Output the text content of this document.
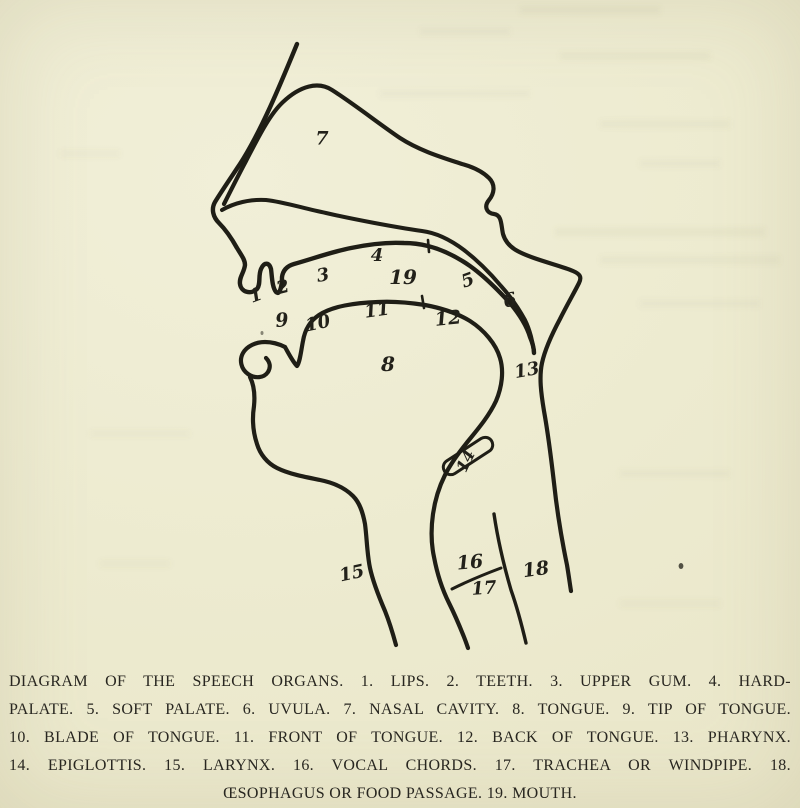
1 2
3
4
5
6
7
8
9 10
11 12
13
14
15	16
17
18
19
DIAGRAM OF THE SPEECH ORGANS. 1. LIPS. 2. TEETH. 3. UPPER GUM. 4. HARD-
PALATE. 5. SOFT PALATE. 6. UVULA. 7. NASAL CAVITY. 8. TONGUE. 9. TIP OF TONGUE.
10. BLADE OF TONGUE. 11. FRONT OF TONGUE. 12. BACK OF TONGUE. 13. PHARYNX.
14. EPIGLOTTIS. 15. LARYNX. 16. VOCAL CHORDS. 17. TRACHEA OR WINDPIPE. 18.
ŒSOPHAGUS OR FOOD PASSAGE. 19. MOUTH.
